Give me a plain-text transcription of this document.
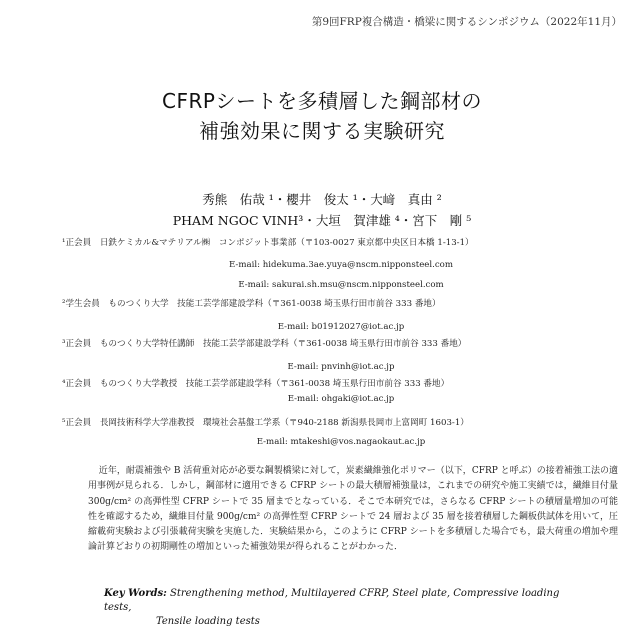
第9回FRP複合構造・橋梁に関するシンポジウム（2022年11月）
CFRPシートを多積層した鋼部材の
補強効果に関する実験研究
秀熊　佑哉 ¹・櫻井　俊太 ¹・大﨑　真由 ²
PHAM NGOC VINH³・大垣　賀津雄 ⁴・宮下　剛 ⁵
¹正会員　日鉄ケミカル&マテリアル㈱　コンポジット事業部（〒103-0027 東京都中央区日本橋 1-13-1）
E-mail: hidekuma.3ae.yuya@nscm.nipponsteel.com
E-mail: sakurai.sh.msu@nscm.nipponsteel.com
²学生会員　ものつくり大学　技能工芸学部建設学科（〒361-0038 埼玉県行田市前谷 333 番地）
E-mail: b01912027@iot.ac.jp
³正会員　ものつくり大学特任講師　技能工芸学部建設学科（〒361-0038 埼玉県行田市前谷 333 番地）
E-mail: pnvinh@iot.ac.jp
⁴正会員　ものつくり大学教授　技能工芸学部建設学科（〒361-0038 埼玉県行田市前谷 333 番地）
E-mail: ohgaki@iot.ac.jp
⁵正会員　長岡技術科学大学准教授　環境社会基盤工学系（〒940-2188 新潟県長岡市上富岡町 1603-1）
E-mail: mtakeshi@vos.nagaokaut.ac.jp

近年，耐震補強や B 活荷重対応が必要な鋼製橋梁に対して，炭素繊維強化ポリマー（以下，CFRP と呼ぶ）の接着補強工法の適用事例が見られる．しかし，鋼部材に適用できる CFRP シートの最大積層補強量は，これまでの研究や施工実績では，繊維目付量 300g/cm² の高弾性型 CFRP シートで 35 層までとなっている．そこで本研究では，さらなる CFRP シートの積層量増加の可能性を確認するため，繊維目付量 900g/cm² の高弾性型 CFRP シートで 24 層および 35 層を接着積層した鋼板供試体を用いて，圧縮載荷実験および引張載荷実験を実施した．実験結果から，このように CFRP シートを多積層した場合でも，最大荷重の増加や理論計算どおりの初期剛性の増加といった補強効果が得られることがわかった．

Key Words: Strengthening method, Multilayered CFRP, Steel plate, Compressive loading tests,
Tensile loading tests
